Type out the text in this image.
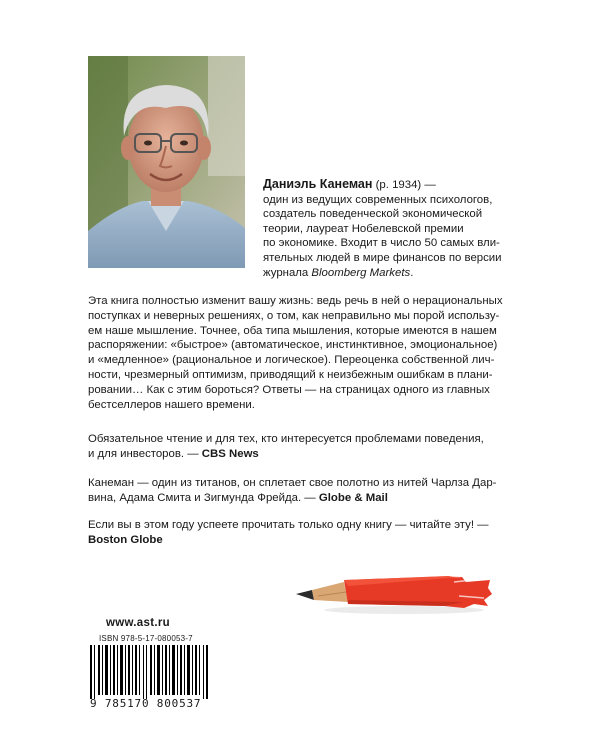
Даниэль Канеман (р. 1934) —
один из ведущих современных психологов,
создатель поведенческой экономической
теории, лауреат Нобелевской премии
по экономике. Входит в число 50 самых вли-
ятельных людей в мире финансов по версии
журнала Bloomberg Markets.
Эта книга полностью изменит вашу жизнь: ведь речь в ней о нерациональных
поступках и неверных решениях, о том, как неправильно мы порой использу-
ем наше мышление. Точнее, оба типа мышления, которые имеются в нашем
распоряжении: «быстрое» (автоматическое, инстинктивное, эмоциональное)
и «медленное» (рациональное и логическое). Переоценка собственной лич-
ности, чрезмерный оптимизм, приводящий к неизбежным ошибкам в плани-
ровании… Как с этим бороться? Ответы — на страницах одного из главных
бестселлеров нашего времени.
Обязательное чтение и для тех, кто интересуется проблемами поведения,
и для инвесторов. — CBS News
Канеман — один из титанов, он сплетает свое полотно из нитей Чарлза Дар-
вина, Адама Смита и Зигмунда Фрейда. — Globe & Mail
Если вы в этом году успеете прочитать только одну книгу — читайте эту! —
Boston Globe
www.ast.ru
ISBN 978-5-17-080053-7
9 785170 800537
